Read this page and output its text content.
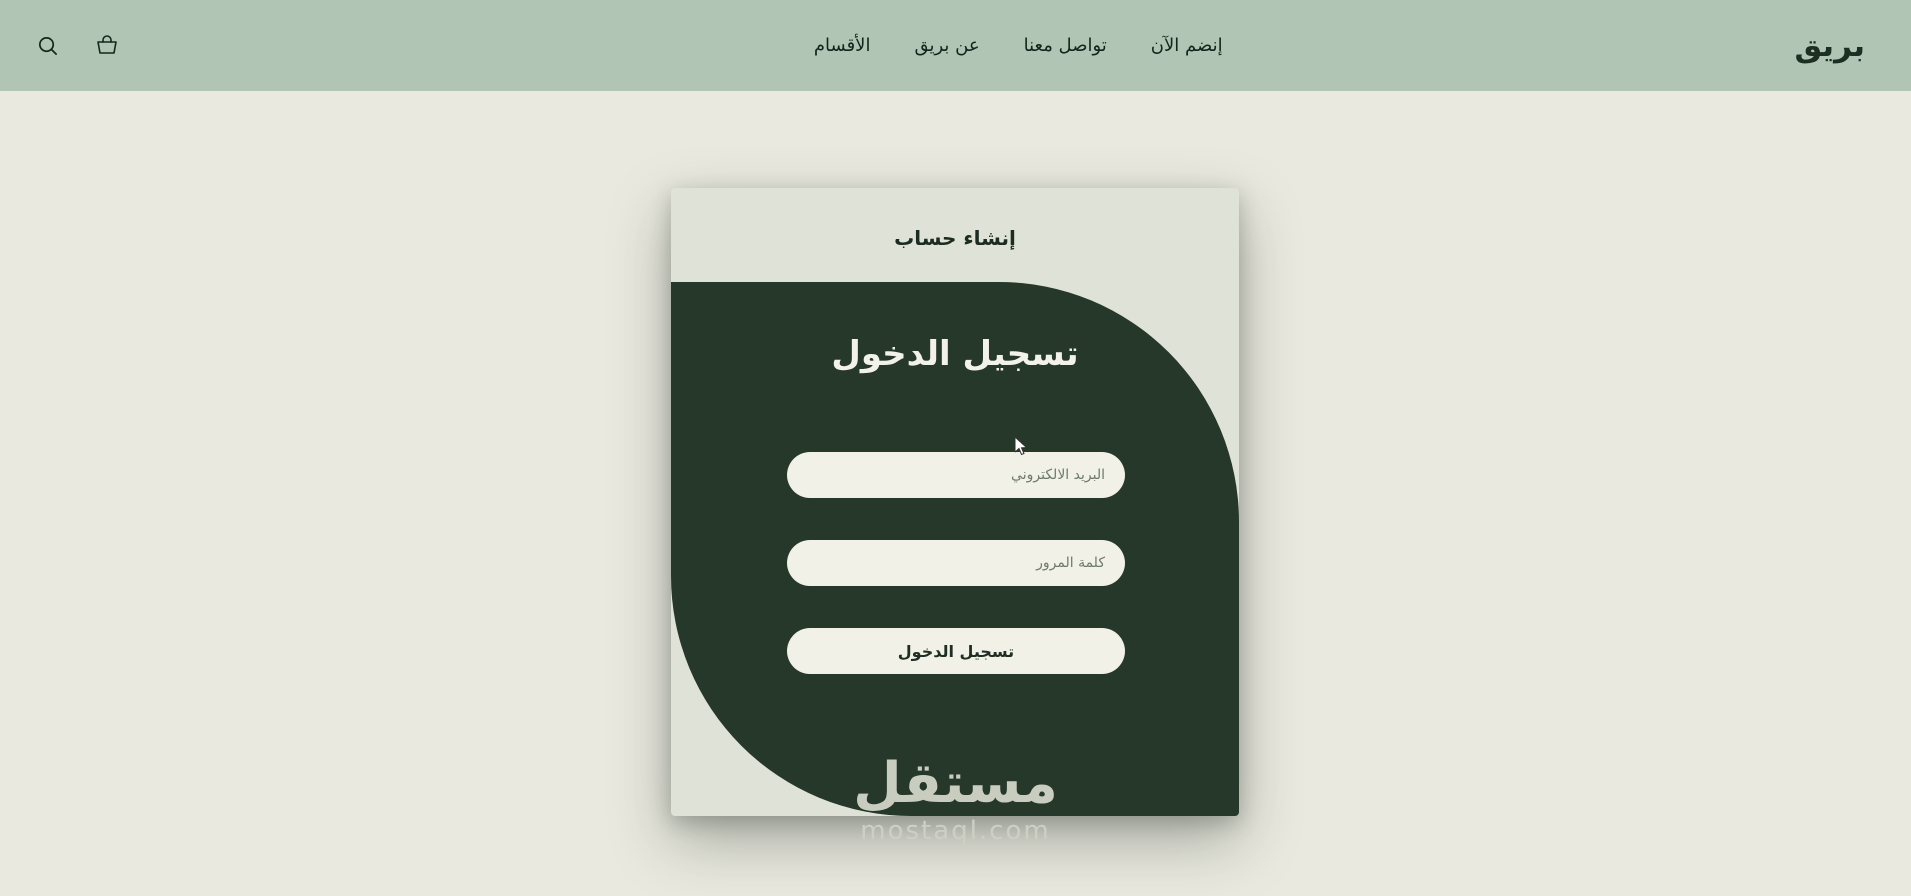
بريق
إنضم الآن
تواصل معنا
عن بريق
الأقسام
إنشاء حساب
تسجيل الدخول
البريد الالكتروني
تسجيل الدخول
مستقل
mostaql.com
